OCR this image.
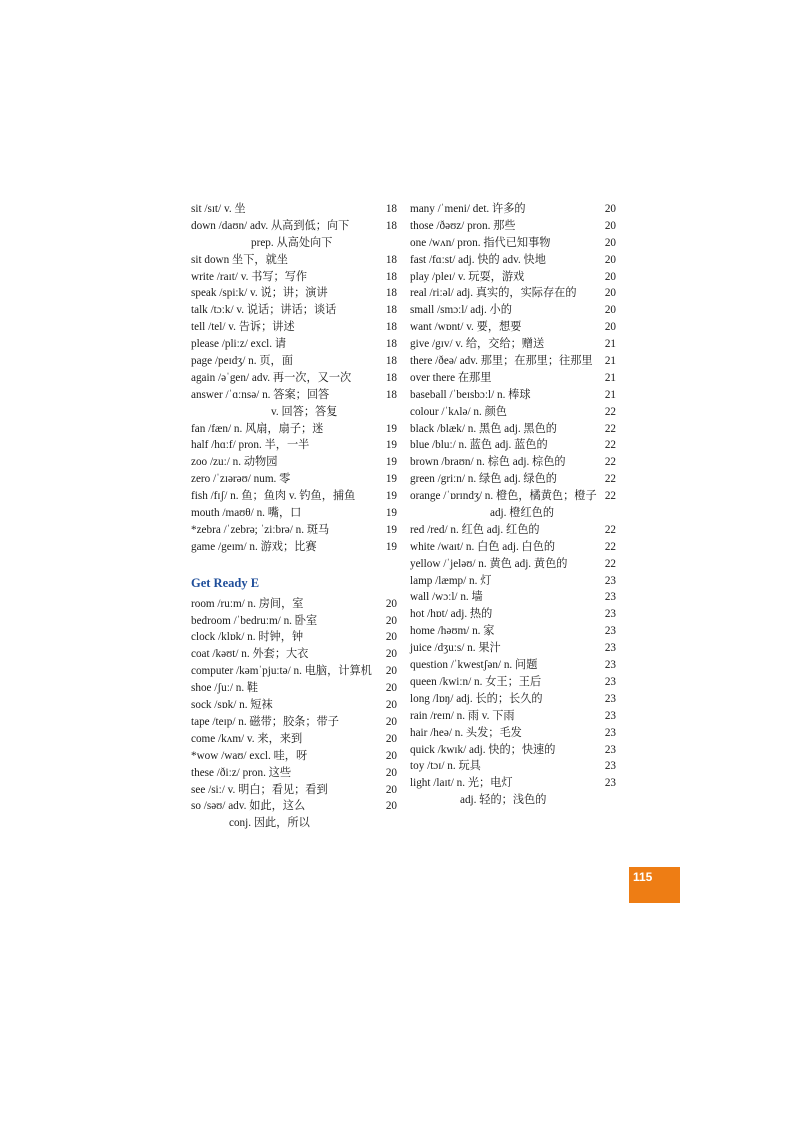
sit /sɪt/ v. 坐	18
down /daʊn/ adv. 从高到低；向下	18
prep. 从高处向下
sit down 坐下，就坐	18
write /raɪt/ v. 书写；写作	18
speak /spiːk/ v. 说；讲；演讲	18
talk /tɔːk/ v. 说话；讲话；谈话	18
tell /tel/ v. 告诉；讲述	18
please /pliːz/ excl. 请	18
page /peɪdʒ/ n. 页，面	18
again /əˈgen/ adv. 再一次，又一次	18
answer /ˈɑːnsə/ n. 答案；回答	18
v. 回答；答复
fan /fæn/ n. 风扇，扇子；迷	19
half /hɑːf/ pron. 半，一半	19
zoo /zuː/ n. 动物园	19
zero /ˈzɪərəʊ/ num. 零	19
fish /fɪʃ/ n. 鱼；鱼肉 v. 钓鱼，捕鱼	19
mouth /maʊθ/ n. 嘴，口	19
*zebra /ˈzebrə; ˈziːbrə/ n. 斑马	19
game /geɪm/ n. 游戏；比赛	19
Get Ready E
room /ruːm/ n. 房间，室	20
bedroom /ˈbedruːm/ n. 卧室	20
clock /klɒk/ n. 时钟，钟	20
coat /kəʊt/ n. 外套；大衣	20
computer /kəmˈpjuːtə/ n. 电脑，计算机 20
shoe /ʃuː/ n. 鞋	20
sock /sɒk/ n. 短袜	20
tape /teɪp/ n. 磁带；胶条；带子	20
come /kʌm/ v. 来，来到	20
*wow /waʊ/ excl. 哇，呀	20
these /ðiːz/ pron. 这些	20
see /siː/ v. 明白；看见；看到	20
so /səʊ/ adv. 如此，这么	20
conj. 因此，所以
many /ˈmeni/ det. 许多的	20
those /ðəʊz/ pron. 那些	20
one /wʌn/ pron. 指代已知事物	20
fast /fɑːst/ adj. 快的 adv. 快地	20
play /pleɪ/ v. 玩耍，游戏	20
real /riːəl/ adj. 真实的，实际存在的	20
small /smɔːl/ adj. 小的	20
want /wɒnt/ v. 要，想要	20
give /gɪv/ v. 给，交给；赠送	21
there /ðeə/ adv. 那里；在那里；往那里 21
over there 在那里	21
baseball /ˈbeɪsbɔːl/ n. 棒球	21
colour /ˈkʌlə/ n. 颜色	22
black /blæk/ n. 黑色 adj. 黑色的	22
blue /bluː/ n. 蓝色 adj. 蓝色的	22
brown /braʊn/ n. 棕色 adj. 棕色的	22
green /griːn/ n. 绿色 adj. 绿色的	22
orange /ˈɒrɪndʒ/ n. 橙色，橘黄色；橙子 22
adj. 橙红色的
red /red/ n. 红色 adj. 红色的	22
white /waɪt/ n. 白色 adj. 白色的	22
yellow /ˈjeləʊ/ n. 黄色 adj. 黄色的	22
lamp /læmp/ n. 灯	23
wall /wɔːl/ n. 墙	23
hot /hɒt/ adj. 热的	23
home /həʊm/ n. 家	23
juice /dʒuːs/ n. 果汁	23
question /ˈkwestʃən/ n. 问题	23
queen /kwiːn/ n. 女王；王后	23
long /lɒŋ/ adj. 长的；长久的	23
rain /reɪn/ n. 雨 v. 下雨	23
hair /heə/ n. 头发；毛发	23
quick /kwɪk/ adj. 快的；快速的	23
toy /tɔɪ/ n. 玩具	23
light /laɪt/ n. 光；电灯	23
adj. 轻的；浅色的
115
